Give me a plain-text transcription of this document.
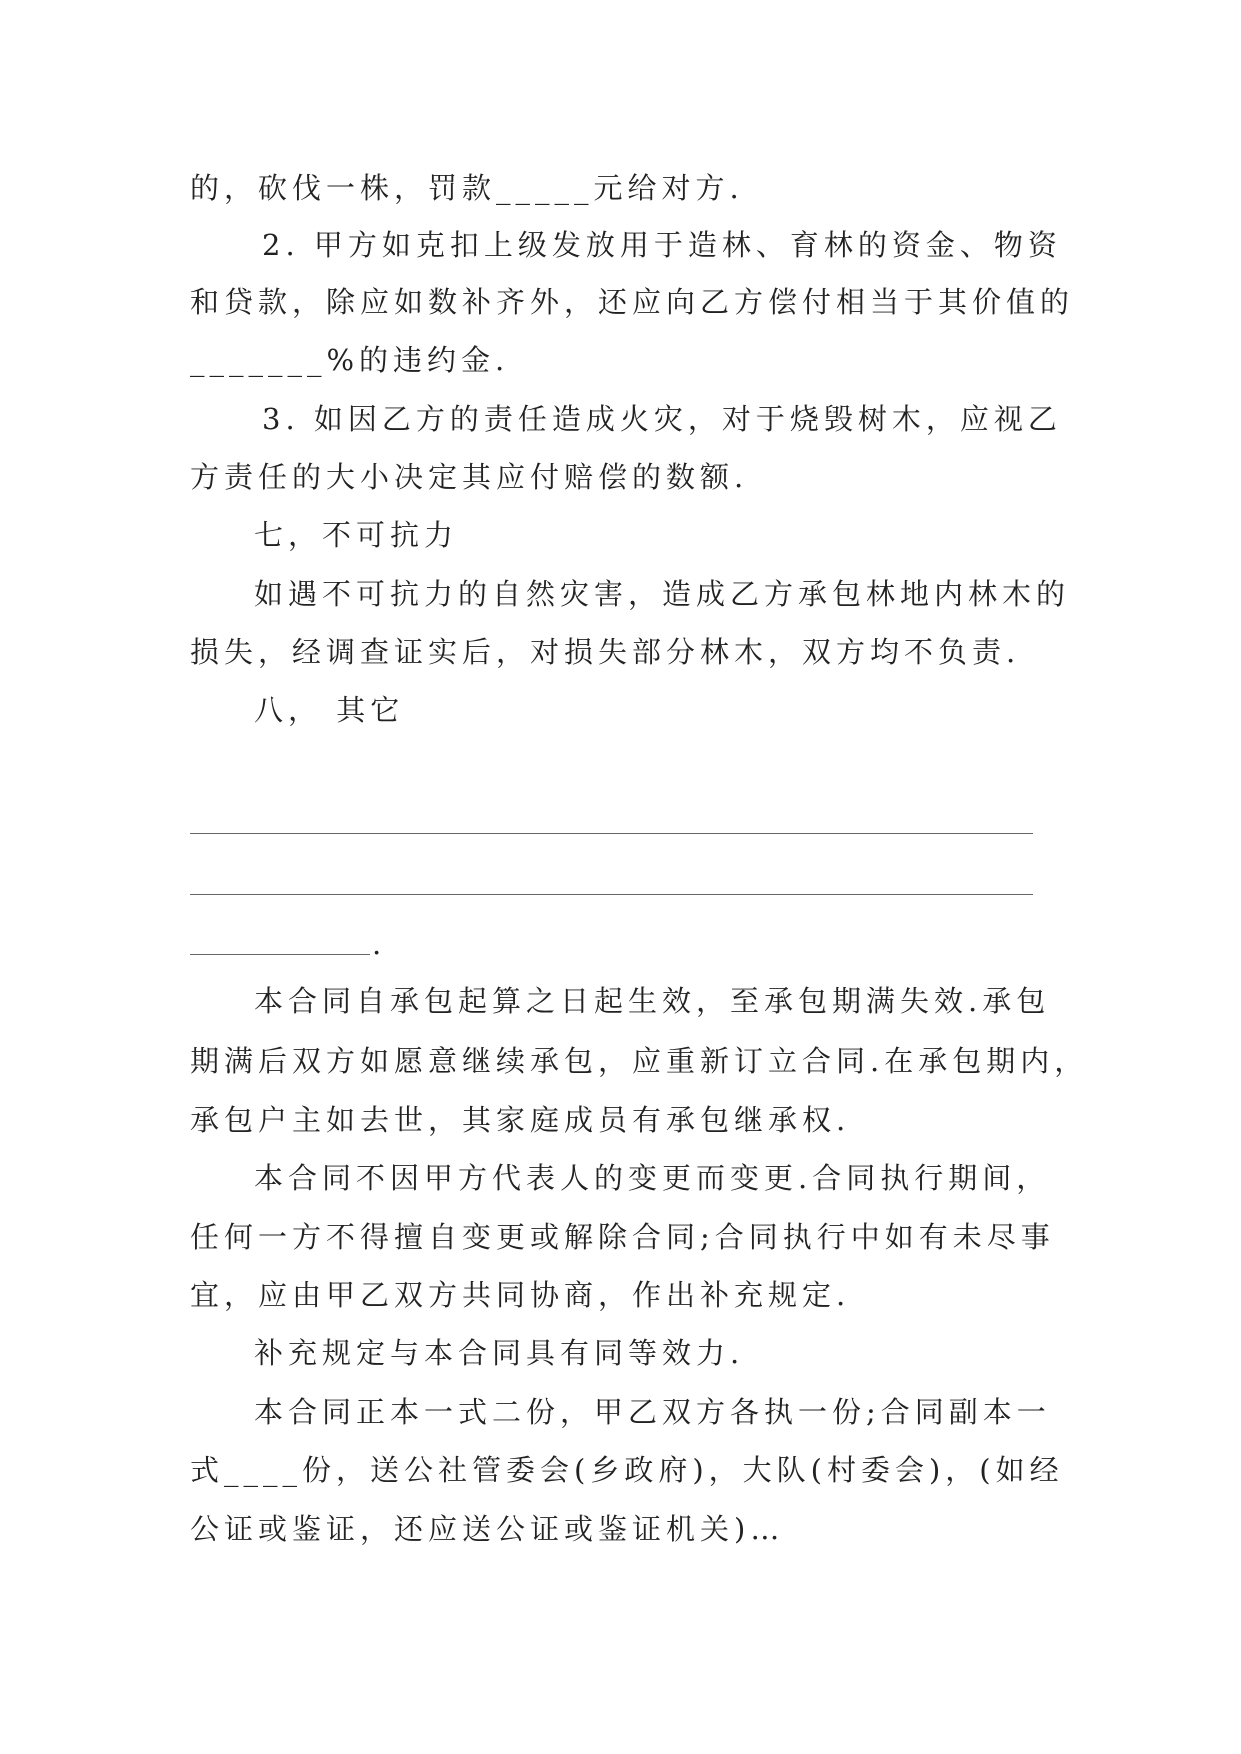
的，砍伐一株，罚款_____元给对方.
2. 甲方如克扣上级发放用于造林、育林的资金、物资
和贷款，除应如数补齐外，还应向乙方偿付相当于其价值的
_______%的违约金.
3. 如因乙方的责任造成火灾，对于烧毁树木，应视乙
方责任的大小决定其应付赔偿的数额.
七，不可抗力
如遇不可抗力的自然灾害，造成乙方承包林地内林木的
损失，经调查证实后，对损失部分林木，双方均不负责.
八， 其它
.
本合同自承包起算之日起生效，至承包期满失效.承包
期满后双方如愿意继续承包，应重新订立合同.在承包期内，
承包户主如去世，其家庭成员有承包继承权.
本合同不因甲方代表人的变更而变更.合同执行期间，
任何一方不得擅自变更或解除合同;合同执行中如有未尽事
宜，应由甲乙双方共同协商，作出补充规定.
补充规定与本合同具有同等效力.
本合同正本一式二份，甲乙双方各执一份;合同副本一
式____份，送公社管委会(乡政府)，大队(村委会)，(如经
公证或鉴证，还应送公证或鉴证机关)…
